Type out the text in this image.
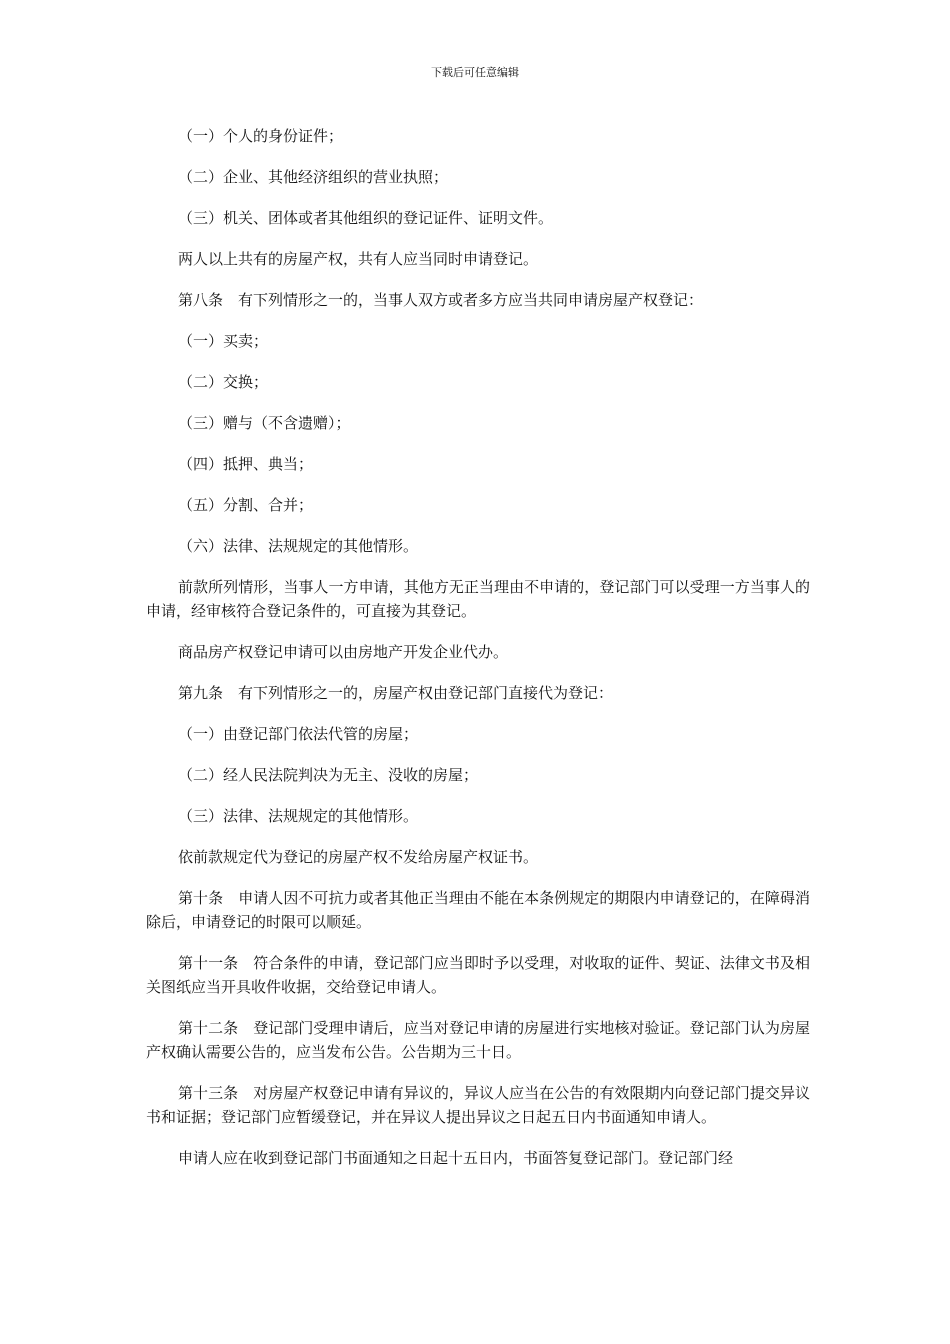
下载后可任意编辑

（一）个人的身份证件；

（二）企业、其他经济组织的营业执照；

（三）机关、团体或者其他组织的登记证件、证明文件。

两人以上共有的房屋产权，共有人应当同时申请登记。

第八条　有下列情形之一的，当事人双方或者多方应当共同申请房屋产权登记：

（一）买卖；

（二）交换；

（三）赠与（不含遗赠）；

（四）抵押、典当；

（五）分割、合并；

（六）法律、法规规定的其他情形。

前款所列情形，当事人一方申请，其他方无正当理由不申请的，登记部门可以受理一方当事人的申请，经审核符合登记条件的，可直接为其登记。

商品房产权登记申请可以由房地产开发企业代办。

第九条　有下列情形之一的，房屋产权由登记部门直接代为登记：

（一）由登记部门依法代管的房屋；

（二）经人民法院判决为无主、没收的房屋；

（三）法律、法规规定的其他情形。

依前款规定代为登记的房屋产权不发给房屋产权证书。

第十条　申请人因不可抗力或者其他正当理由不能在本条例规定的期限内申请登记的，在障碍消除后，申请登记的时限可以顺延。

第十一条　符合条件的申请，登记部门应当即时予以受理，对收取的证件、契证、法律文书及相关图纸应当开具收件收据，交给登记申请人。

第十二条　登记部门受理申请后，应当对登记申请的房屋进行实地核对验证。登记部门认为房屋产权确认需要公告的，应当发布公告。公告期为三十日。

第十三条　对房屋产权登记申请有异议的，异议人应当在公告的有效限期内向登记部门提交异议书和证据；登记部门应暂缓登记，并在异议人提出异议之日起五日内书面通知申请人。

申请人应在收到登记部门书面通知之日起十五日内，书面答复登记部门。登记部门经
